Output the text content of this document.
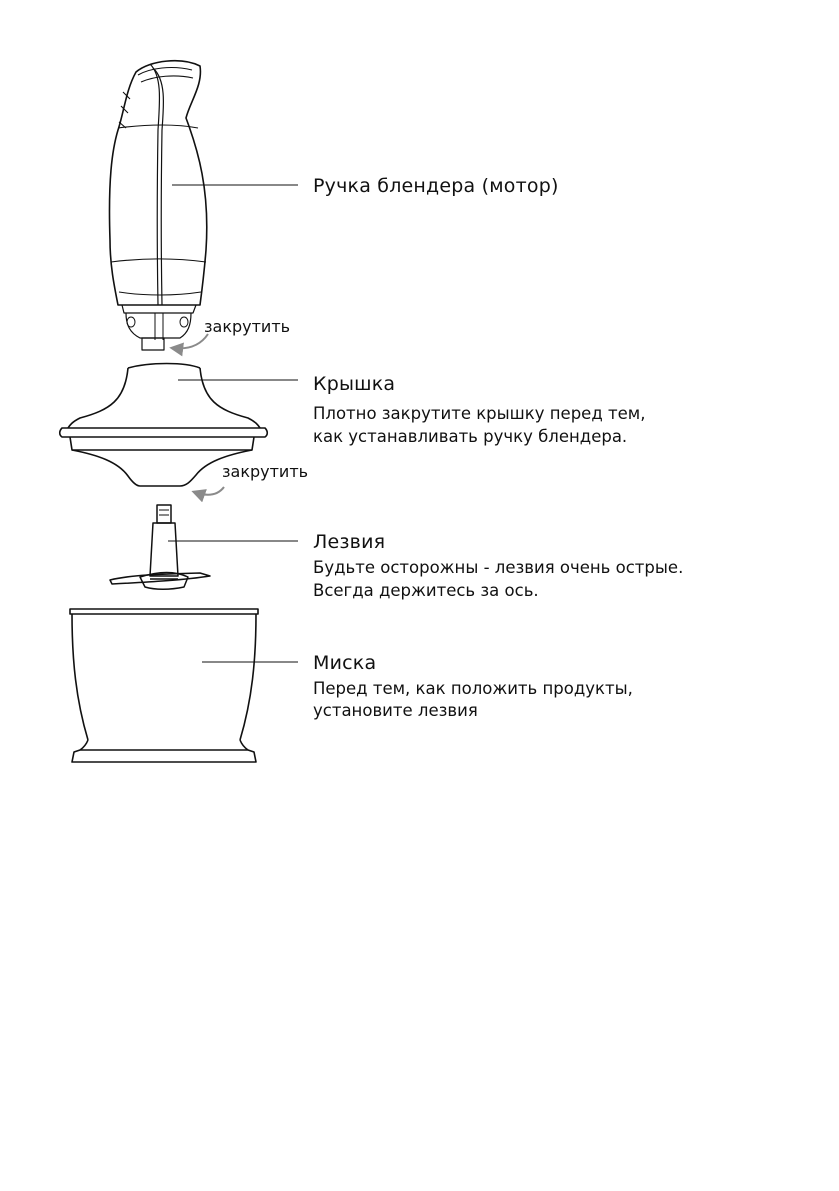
Ручка блендера (мотор)
закрутить
Крышка
Плотно закрутите крышку перед тем,
как устанавливать ручку блендера.
закрутить
Лезвия
Будьте осторожны - лезвия очень острые.
Всегда держитесь за ось.
Миска
Перед тем, как положить продукты,
установите лезвия
